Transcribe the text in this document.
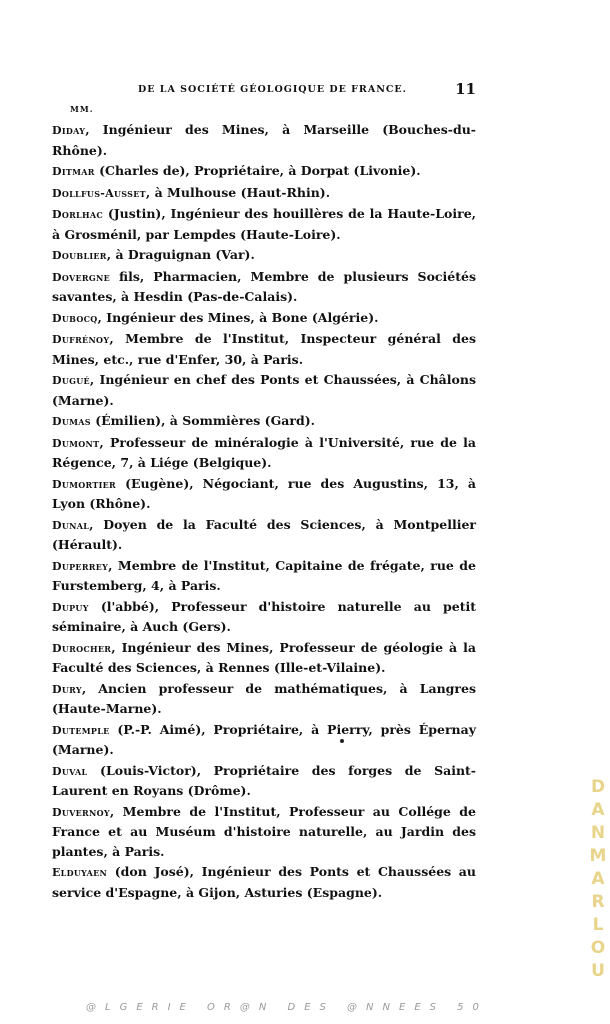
DE LA SOCIÉTÉ GÉOLOGIQUE DE FRANCE.	11
MM.
Diday, Ingénieur des Mines, à Marseille (Bouches-du-Rhône).
Ditmar (Charles de), Propriétaire, à Dorpat (Livonie).
Dollfus-Ausset, à Mulhouse (Haut-Rhin).
Dorlhac (Justin), Ingénieur des houillères de la Haute-Loire, à Grosménil, par Lempdes (Haute-Loire).
Doublier, à Draguignan (Var).
Dovergne fils, Pharmacien, Membre de plusieurs Sociétés savantes, à Hesdin (Pas-de-Calais).
Dubocq, Ingénieur des Mines, à Bone (Algérie).
Dufrénoy, Membre de l'Institut, Inspecteur général des Mines, etc., rue d'Enfer, 30, à Paris.
Dugué, Ingénieur en chef des Ponts et Chaussées, à Châlons (Marne).
Dumas (Émilien), à Sommières (Gard).
Dumont, Professeur de minéralogie à l'Université, rue de la Régence, 7, à Liége (Belgique).
Dumortier (Eugène), Négociant, rue des Augustins, 13, à Lyon (Rhône).
Dunal, Doyen de la Faculté des Sciences, à Montpellier (Hérault).
Duperrey, Membre de l'Institut, Capitaine de frégate, rue de Furstemberg, 4, à Paris.
Dupuy (l'abbé), Professeur d'histoire naturelle au petit séminaire, à Auch (Gers).
Durocher, Ingénieur des Mines, Professeur de géologie à la Faculté des Sciences, à Rennes (Ille-et-Vilaine).
Dury, Ancien professeur de mathématiques, à Langres (Haute-Marne).
Dutemple (P.-P. Aimé), Propriétaire, à Pierry, près Épernay (Marne).
Duval (Louis-Victor), Propriétaire des forges de Saint-Laurent en Royans (Drôme).
Duvernoy, Membre de l'Institut, Professeur au Collége de France et au Muséum d'histoire naturelle, au Jardin des plantes, à Paris.
Elduyaen (don José), Ingénieur des Ponts et Chaussées au service d'Espagne, à Gijon, Asturies (Espagne).
D
A
N
M
A
R
L
O
U
@LGERIE OR@N DES @NNEES 50
